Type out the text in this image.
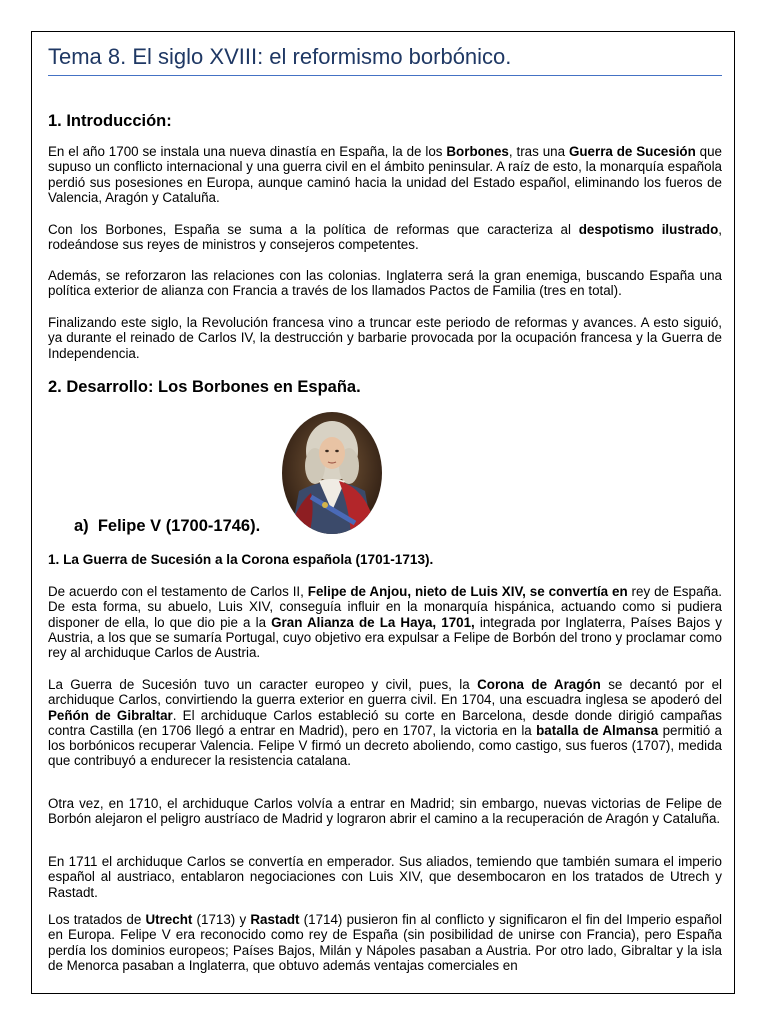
Tema 8. El siglo XVIII: el reformismo borbónico.
1. Introducción:

En el año 1700 se instala una nueva dinastía en España, la de los Borbones, tras una Guerra de Sucesión que supuso un conflicto internacional y una guerra civil en el ámbito peninsular. A raíz de esto, la monarquía española perdió sus posesiones en Europa, aunque caminó hacia la unidad del Estado español, eliminando los fueros de Valencia, Aragón y Cataluña.

Con los Borbones, España se suma a la política de reformas que caracteriza al despotismo ilustrado, rodeándose sus reyes de ministros y consejeros competentes.

Además, se reforzaron las relaciones con las colonias. Inglaterra será la gran enemiga, buscando España una política exterior de alianza con Francia a través de los llamados Pactos de Familia (tres en total).

Finalizando este siglo, la Revolución francesa vino a truncar este periodo de reformas y avances. A esto siguió, ya durante el reinado de Carlos IV, la destrucción y barbarie provocada por la ocupación francesa y la Guerra de Independencia.

2. Desarrollo: Los Borbones en España.
a)  Felipe V (1700-1746).
1. La Guerra de Sucesión a la Corona española (1701-1713).

De acuerdo con el testamento de Carlos II, Felipe de Anjou, nieto de Luis XIV, se convertía en rey de España. De esta forma, su abuelo, Luis XIV, conseguía influir en la monarquía hispánica, actuando como si pudiera disponer de ella, lo que dio pie a la Gran Alianza de La Haya, 1701, integrada por Inglaterra, Países Bajos y Austria, a los que se sumaría Portugal, cuyo objetivo era expulsar a Felipe de Borbón del trono y proclamar como rey al archiduque Carlos de Austria.

La Guerra de Sucesión tuvo un caracter europeo y civil, pues, la Corona de Aragón se decantó por el archiduque Carlos, convirtiendo la guerra exterior en guerra civil. En 1704, una escuadra inglesa se apoderó del Peñón de Gibraltar. El archiduque Carlos estableció su corte en Barcelona, desde donde dirigió campañas contra Castilla (en 1706 llegó a entrar en Madrid), pero en 1707, la victoria en la batalla de Almansa permitió a los borbónicos recuperar Valencia. Felipe V firmó un decreto aboliendo, como castigo, sus fueros (1707), medida que contribuyó a endurecer la resistencia catalana.

Otra vez, en 1710, el archiduque Carlos volvía a entrar en Madrid; sin embargo, nuevas victorias de Felipe de Borbón alejaron el peligro austríaco de Madrid y lograron abrir el camino a la recuperación de Aragón y Cataluña.

En 1711 el archiduque Carlos se convertía en emperador. Sus aliados, temiendo que también sumara el imperio español al austriaco, entablaron negociaciones con Luis XIV, que desembocaron en los tratados de Utrech y Rastadt.

Los tratados de Utrecht (1713) y Rastadt (1714) pusieron fin al conflicto y significaron el fin del Imperio español en Europa. Felipe V era reconocido como rey de España (sin posibilidad de unirse con Francia), pero España perdía los dominios europeos; Países Bajos, Milán y Nápoles pasaban a Austria. Por otro lado, Gibraltar y la isla de Menorca pasaban a Inglaterra, que obtuvo además ventajas comerciales en
